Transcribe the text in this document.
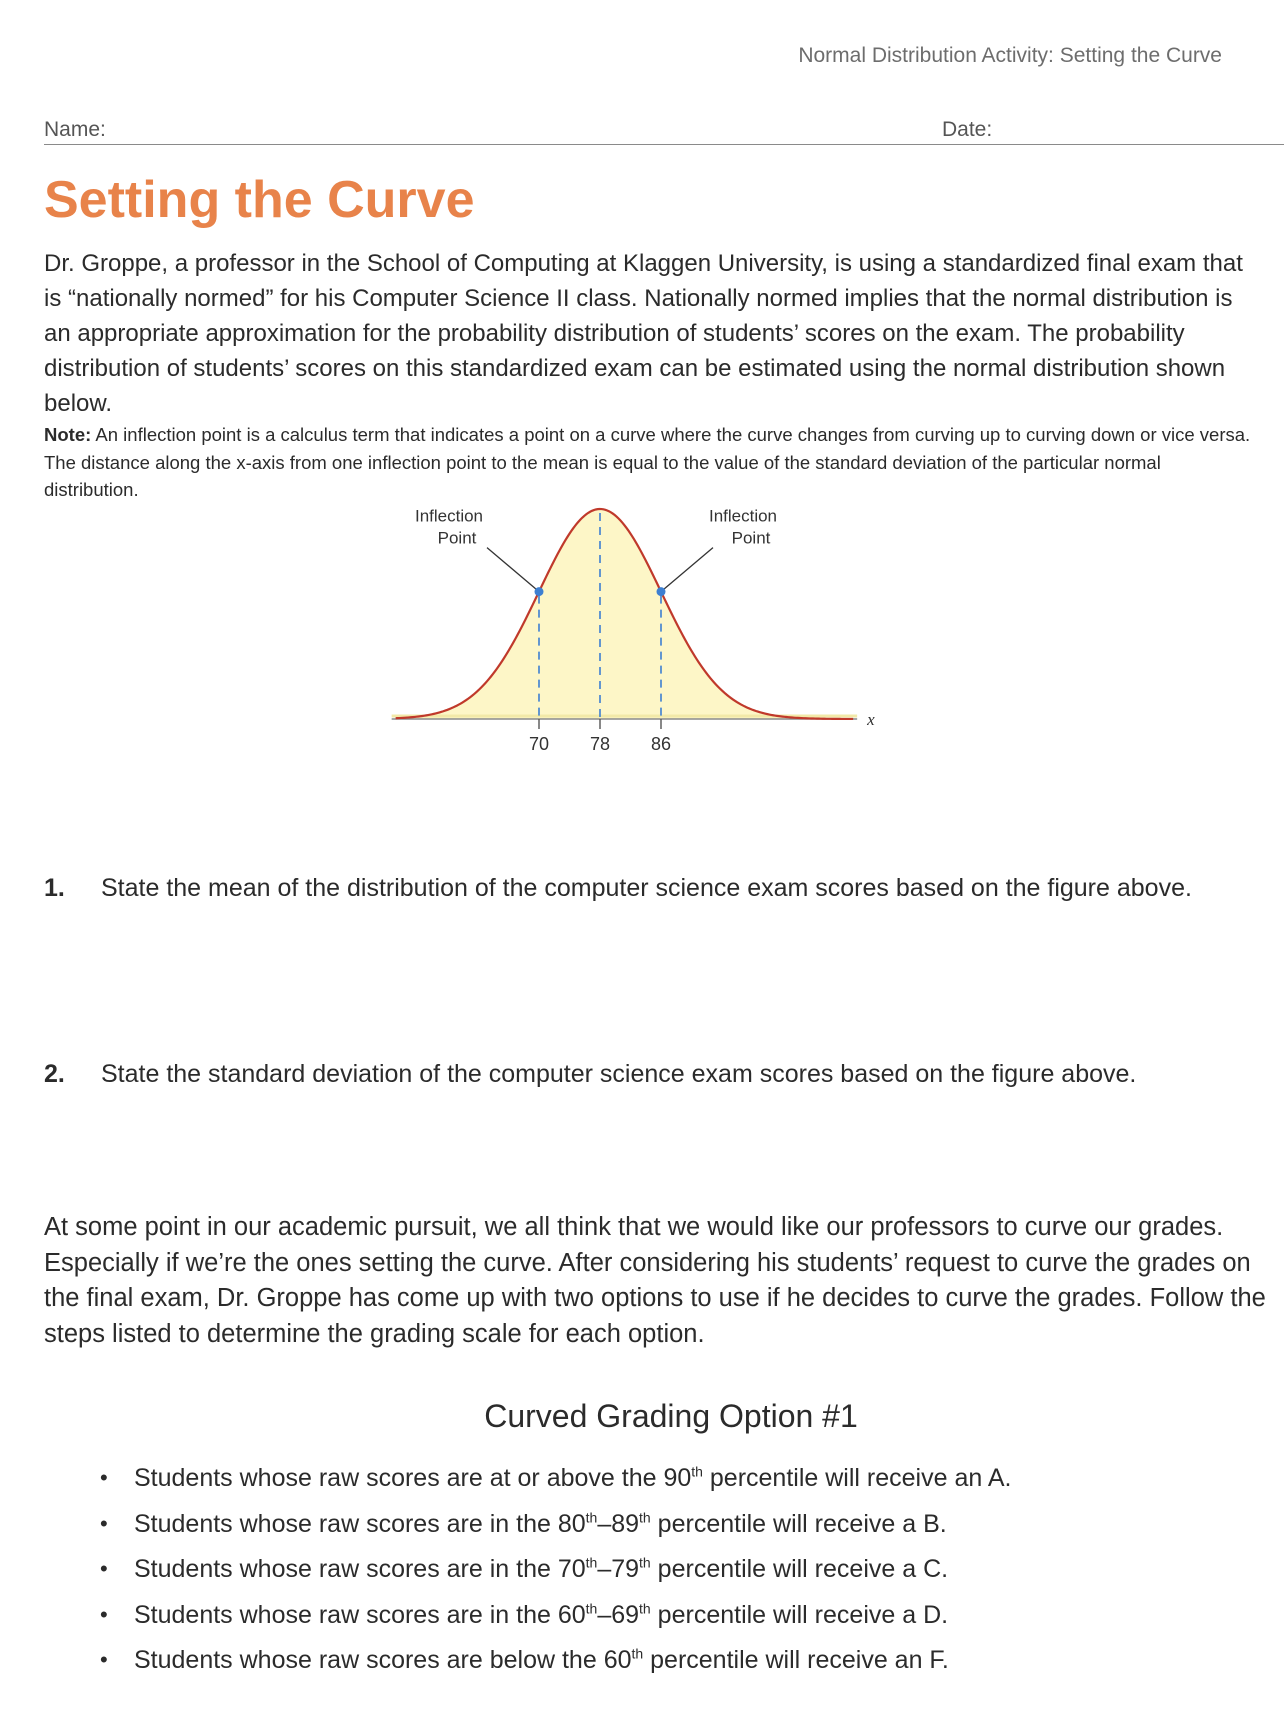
Normal Distribution Activity: Setting the Curve
Name:	Date:
Setting the Curve

Dr. Groppe, a professor in the School of Computing at Klaggen University, is using a standardized final exam that is “nationally normed” for his Computer Science II class. Nationally normed implies that the normal distribution is an appropriate approximation for the probability distribution of students’ scores on the exam. The probability distribution of students’ scores on this standardized exam can be estimated using the normal distribution shown below.

Note: An inflection point is a calculus term that indicates a point on a curve where the curve changes from curving up to curving down or vice versa. The distance along the x-axis from one inflection point to the mean is equal to the value of the standard deviation of the particular normal distribution.

Inflection
Point
Inflection
Point
70 78 86
x
1. State the mean of the distribution of the computer science exam scores based on the figure above.
2. State the standard deviation of the computer science exam scores based on the figure above.

At some point in our academic pursuit, we all think that we would like our professors to curve our grades. Especially if we’re the ones setting the curve. After considering his students’ request to curve the grades on the final exam, Dr. Groppe has come up with two options to use if he decides to curve the grades. Follow the steps listed to determine the grading scale for each option.

Curved Grading Option #1
• Students whose raw scores are at or above the 90th percentile will receive an A.
• Students whose raw scores are in the 80th–89th percentile will receive a B.
• Students whose raw scores are in the 70th–79th percentile will receive a C.
• Students whose raw scores are in the 60th–69th percentile will receive a D.
• Students whose raw scores are below the 60th percentile will receive an F.
